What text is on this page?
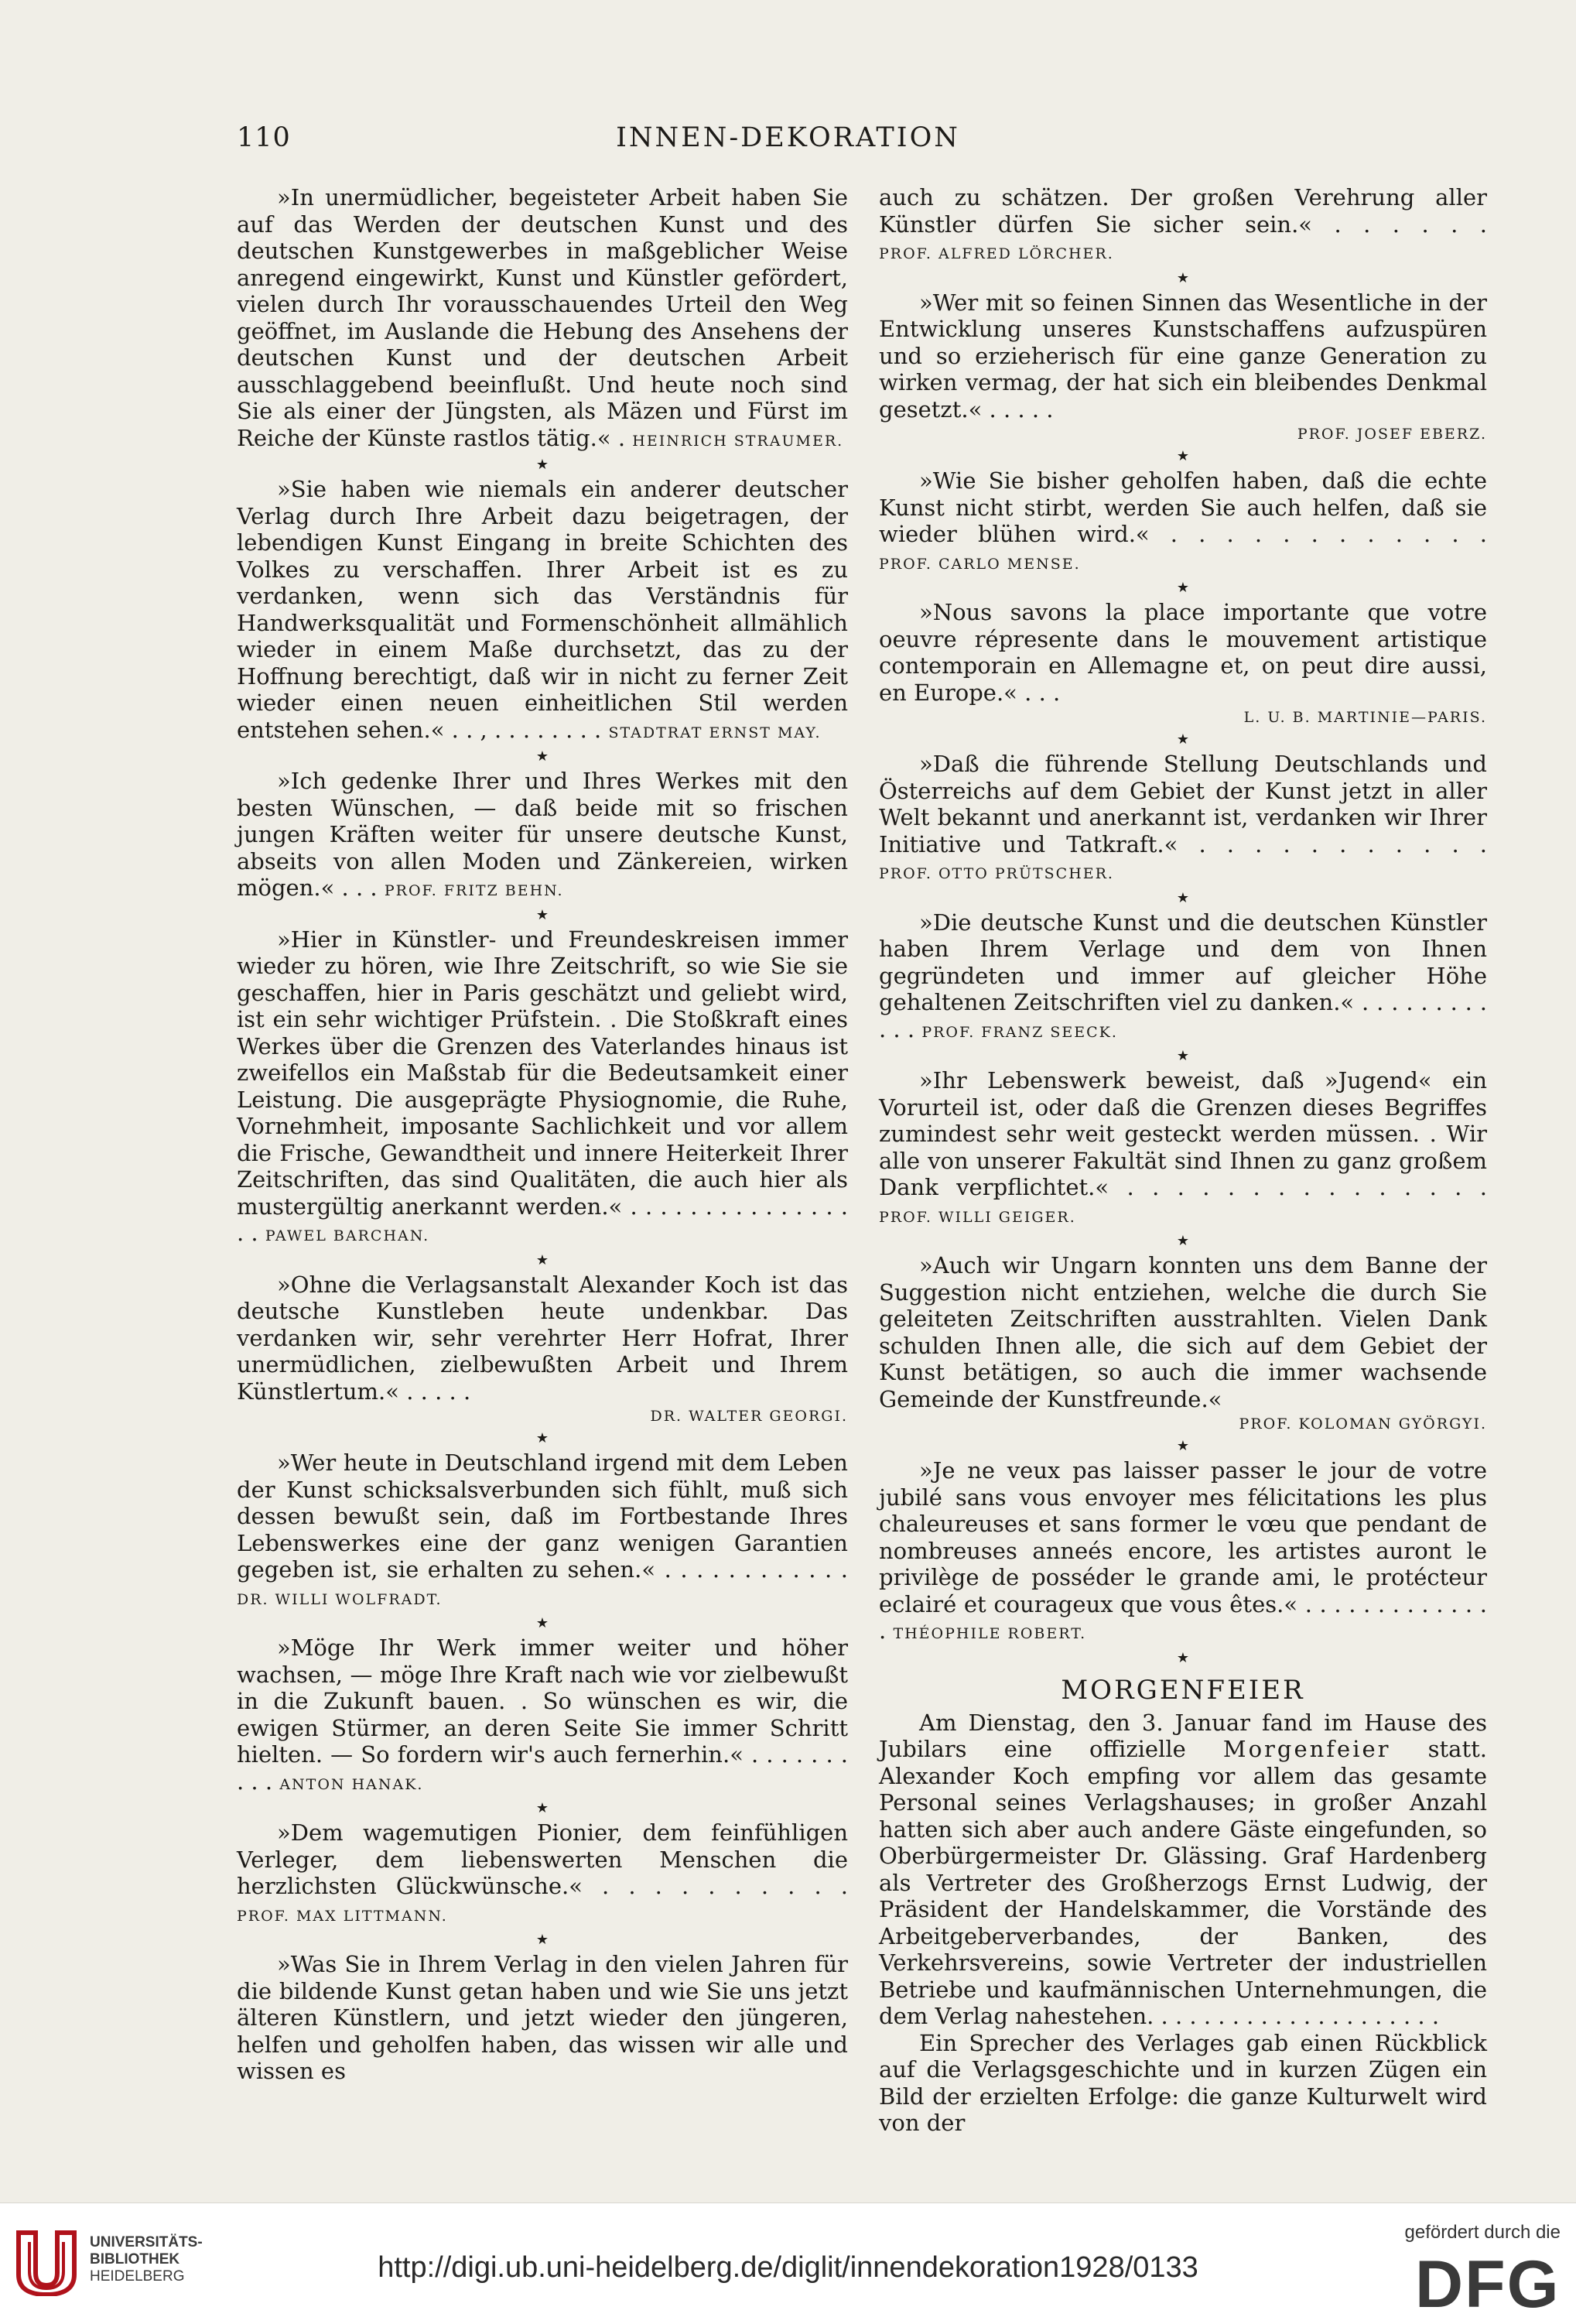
110	INNEN-DEKORATION

»In unermüdlicher, begeisteter Arbeit haben Sie auf das Werden der deutschen Kunst und des deutschen Kunstgewerbes in maßgeblicher Weise anregend eingewirkt, Kunst und Künstler gefördert, vielen durch Ihr vorausschauendes Urteil den Weg geöffnet, im Auslande die Hebung des Ansehens der deutschen Kunst und der deutschen Arbeit ausschlaggebend beeinflußt. Und heute noch sind Sie als einer der Jüngsten, als Mäzen und Fürst im Reiche der Künste rastlos tätig.« . HEINRICH STRAUMER.

★

»Sie haben wie niemals ein anderer deutscher Verlag durch Ihre Arbeit dazu beigetragen, der lebendigen Kunst Eingang in breite Schichten des Volkes zu verschaffen. Ihrer Arbeit ist es zu verdanken, wenn sich das Verständnis für Handwerksqualität und Formenschönheit allmählich wieder in einem Maße durchsetzt, das zu der Hoffnung berechtigt, daß wir in nicht zu ferner Zeit wieder einen neuen einheitlichen Stil werden entstehen sehen.« . . , . . . . . . . . STADTRAT ERNST MAY.

★

»Ich gedenke Ihrer und Ihres Werkes mit den besten Wünschen, — daß beide mit so frischen jungen Kräften weiter für unsere deutsche Kunst, abseits von allen Moden und Zänkereien, wirken mögen.« . . . PROF. FRITZ BEHN.

★

»Hier in Künstler- und Freundeskreisen immer wieder zu hören, wie Ihre Zeitschrift, so wie Sie sie geschaffen, hier in Paris geschätzt und geliebt wird, ist ein sehr wichtiger Prüfstein. . Die Stoßkraft eines Werkes über die Grenzen des Vaterlandes hinaus ist zweifellos ein Maßstab für die Bedeutsamkeit einer Leistung. Die ausgeprägte Physiognomie, die Ruhe, Vornehmheit, imposante Sachlichkeit und vor allem die Frische, Gewandtheit und innere Heiterkeit Ihrer Zeitschriften, das sind Qualitäten, die auch hier als mustergültig anerkannt werden.« . . . . . . . . . . . . . . . . . PAWEL BARCHAN.

★

»Ohne die Verlagsanstalt Alexander Koch ist das deutsche Kunstleben heute undenkbar. Das verdanken wir, sehr verehrter Herr Hofrat, Ihrer unermüdlichen, zielbewußten Arbeit und Ihrem Künstlertum.« . . . . .

DR. WALTER GEORGI.
★

»Wer heute in Deutschland irgend mit dem Leben der Kunst schicksalsverbunden sich fühlt, muß sich dessen bewußt sein, daß im Fortbestande Ihres Lebenswerkes eine der ganz wenigen Garantien gegeben ist, sie erhalten zu sehen.« . . . . . . . . . . . . DR. WILLI WOLFRADT.

★

»Möge Ihr Werk immer weiter und höher wachsen, — möge Ihre Kraft nach wie vor zielbewußt in die Zukunft bauen. . So wünschen es wir, die ewigen Stürmer, an deren Seite Sie immer Schritt hielten. — So fordern wir's auch fernerhin.« . . . . . . . . . . ANTON HANAK.

★

»Dem wagemutigen Pionier, dem feinfühligen Verleger, dem liebenswerten Menschen die herzlichsten Glückwünsche.« . . . . . . . . . . PROF. MAX LITTMANN.

★

»Was Sie in Ihrem Verlag in den vielen Jahren für die bildende Kunst getan haben und wie Sie uns jetzt älteren Künstlern, und jetzt wieder den jüngeren, helfen und geholfen haben, das wissen wir alle und wissen es

auch zu schätzen. Der großen Verehrung aller Künstler dürfen Sie sicher sein.« . . . . . . PROF. ALFRED LÖRCHER.

★

»Wer mit so feinen Sinnen das Wesentliche in der Entwicklung unseres Kunstschaffens aufzuspüren und so erzieherisch für eine ganze Generation zu wirken vermag, der hat sich ein bleibendes Denkmal gesetzt.« . . . . .

PROF. JOSEF EBERZ.
★

»Wie Sie bisher geholfen haben, daß die echte Kunst nicht stirbt, werden Sie auch helfen, daß sie wieder blühen wird.« . . . . . . . . . . . . PROF. CARLO MENSE.

★

»Nous savons la place importante que votre oeuvre répresente dans le mouvement artistique contemporain en Allemagne et, on peut dire aussi, en Europe.« . . .

L. U. B. MARTINIE—PARIS.
★

»Daß die führende Stellung Deutschlands und Österreichs auf dem Gebiet der Kunst jetzt in aller Welt bekannt und anerkannt ist, verdanken wir Ihrer Initiative und Tatkraft.« . . . . . . . . . . . PROF. OTTO PRÜTSCHER.

★

»Die deutsche Kunst und die deutschen Künstler haben Ihrem Verlage und dem von Ihnen gegründeten und immer auf gleicher Höhe gehaltenen Zeitschriften viel zu danken.« . . . . . . . . . . . . PROF. FRANZ SEECK.

★

»Ihr Lebenswerk beweist, daß »Jugend« ein Vorurteil ist, oder daß die Grenzen dieses Begriffes zumindest sehr weit gesteckt werden müssen. . Wir alle von unserer Fakultät sind Ihnen zu ganz großem Dank verpflichtet.« . . . . . . . . . . . . . . . PROF. WILLI GEIGER.

★

»Auch wir Ungarn konnten uns dem Banne der Suggestion nicht entziehen, welche die durch Sie geleiteten Zeitschriften ausstrahlten. Vielen Dank schulden Ihnen alle, die sich auf dem Gebiet der Kunst betätigen, so auch die immer wachsende Gemeinde der Kunstfreunde.«

PROF. KOLOMAN GYÖRGYI.
★

»Je ne veux pas laisser passer le jour de votre jubilé sans vous envoyer mes félicitations les plus chaleureuses et sans former le vœu que pendant de nombreuses anneés encore, les artistes auront le privilège de posséder le grande ami, le protécteur eclairé et courageux que vous êtes.« . . . . . . . . . . . . . . THÉOPHILE ROBERT.

★
MORGENFEIER

Am Dienstag, den 3. Januar fand im Hause des Jubilars eine offizielle Morgenfeier statt. Alexander Koch empfing vor allem das gesamte Personal seines Verlagshauses; in großer Anzahl hatten sich aber auch andere Gäste eingefunden, so Oberbürgermeister Dr. Glässing. Graf Hardenberg als Vertreter des Großherzogs Ernst Ludwig, der Präsident der Handelskammer, die Vorstände des Arbeitgeberverbandes, der Banken, des Verkehrsvereins, sowie Vertreter der industriellen Betriebe und kaufmännischen Unternehmungen, die dem Verlag nahestehen. . . . . . . . . . . . . . . . . . . . .

Ein Sprecher des Verlages gab einen Rückblick auf die Verlagsgeschichte und in kurzen Zügen ein Bild der erzielten Erfolge: die ganze Kulturwelt wird von der

UNIVERSITÄTS-
BIBLIOTHEK
HEIDELBERG	http://digi.ub.uni-heidelberg.de/diglit/innendekoration1928/0133
gefördert durch die
DFG
